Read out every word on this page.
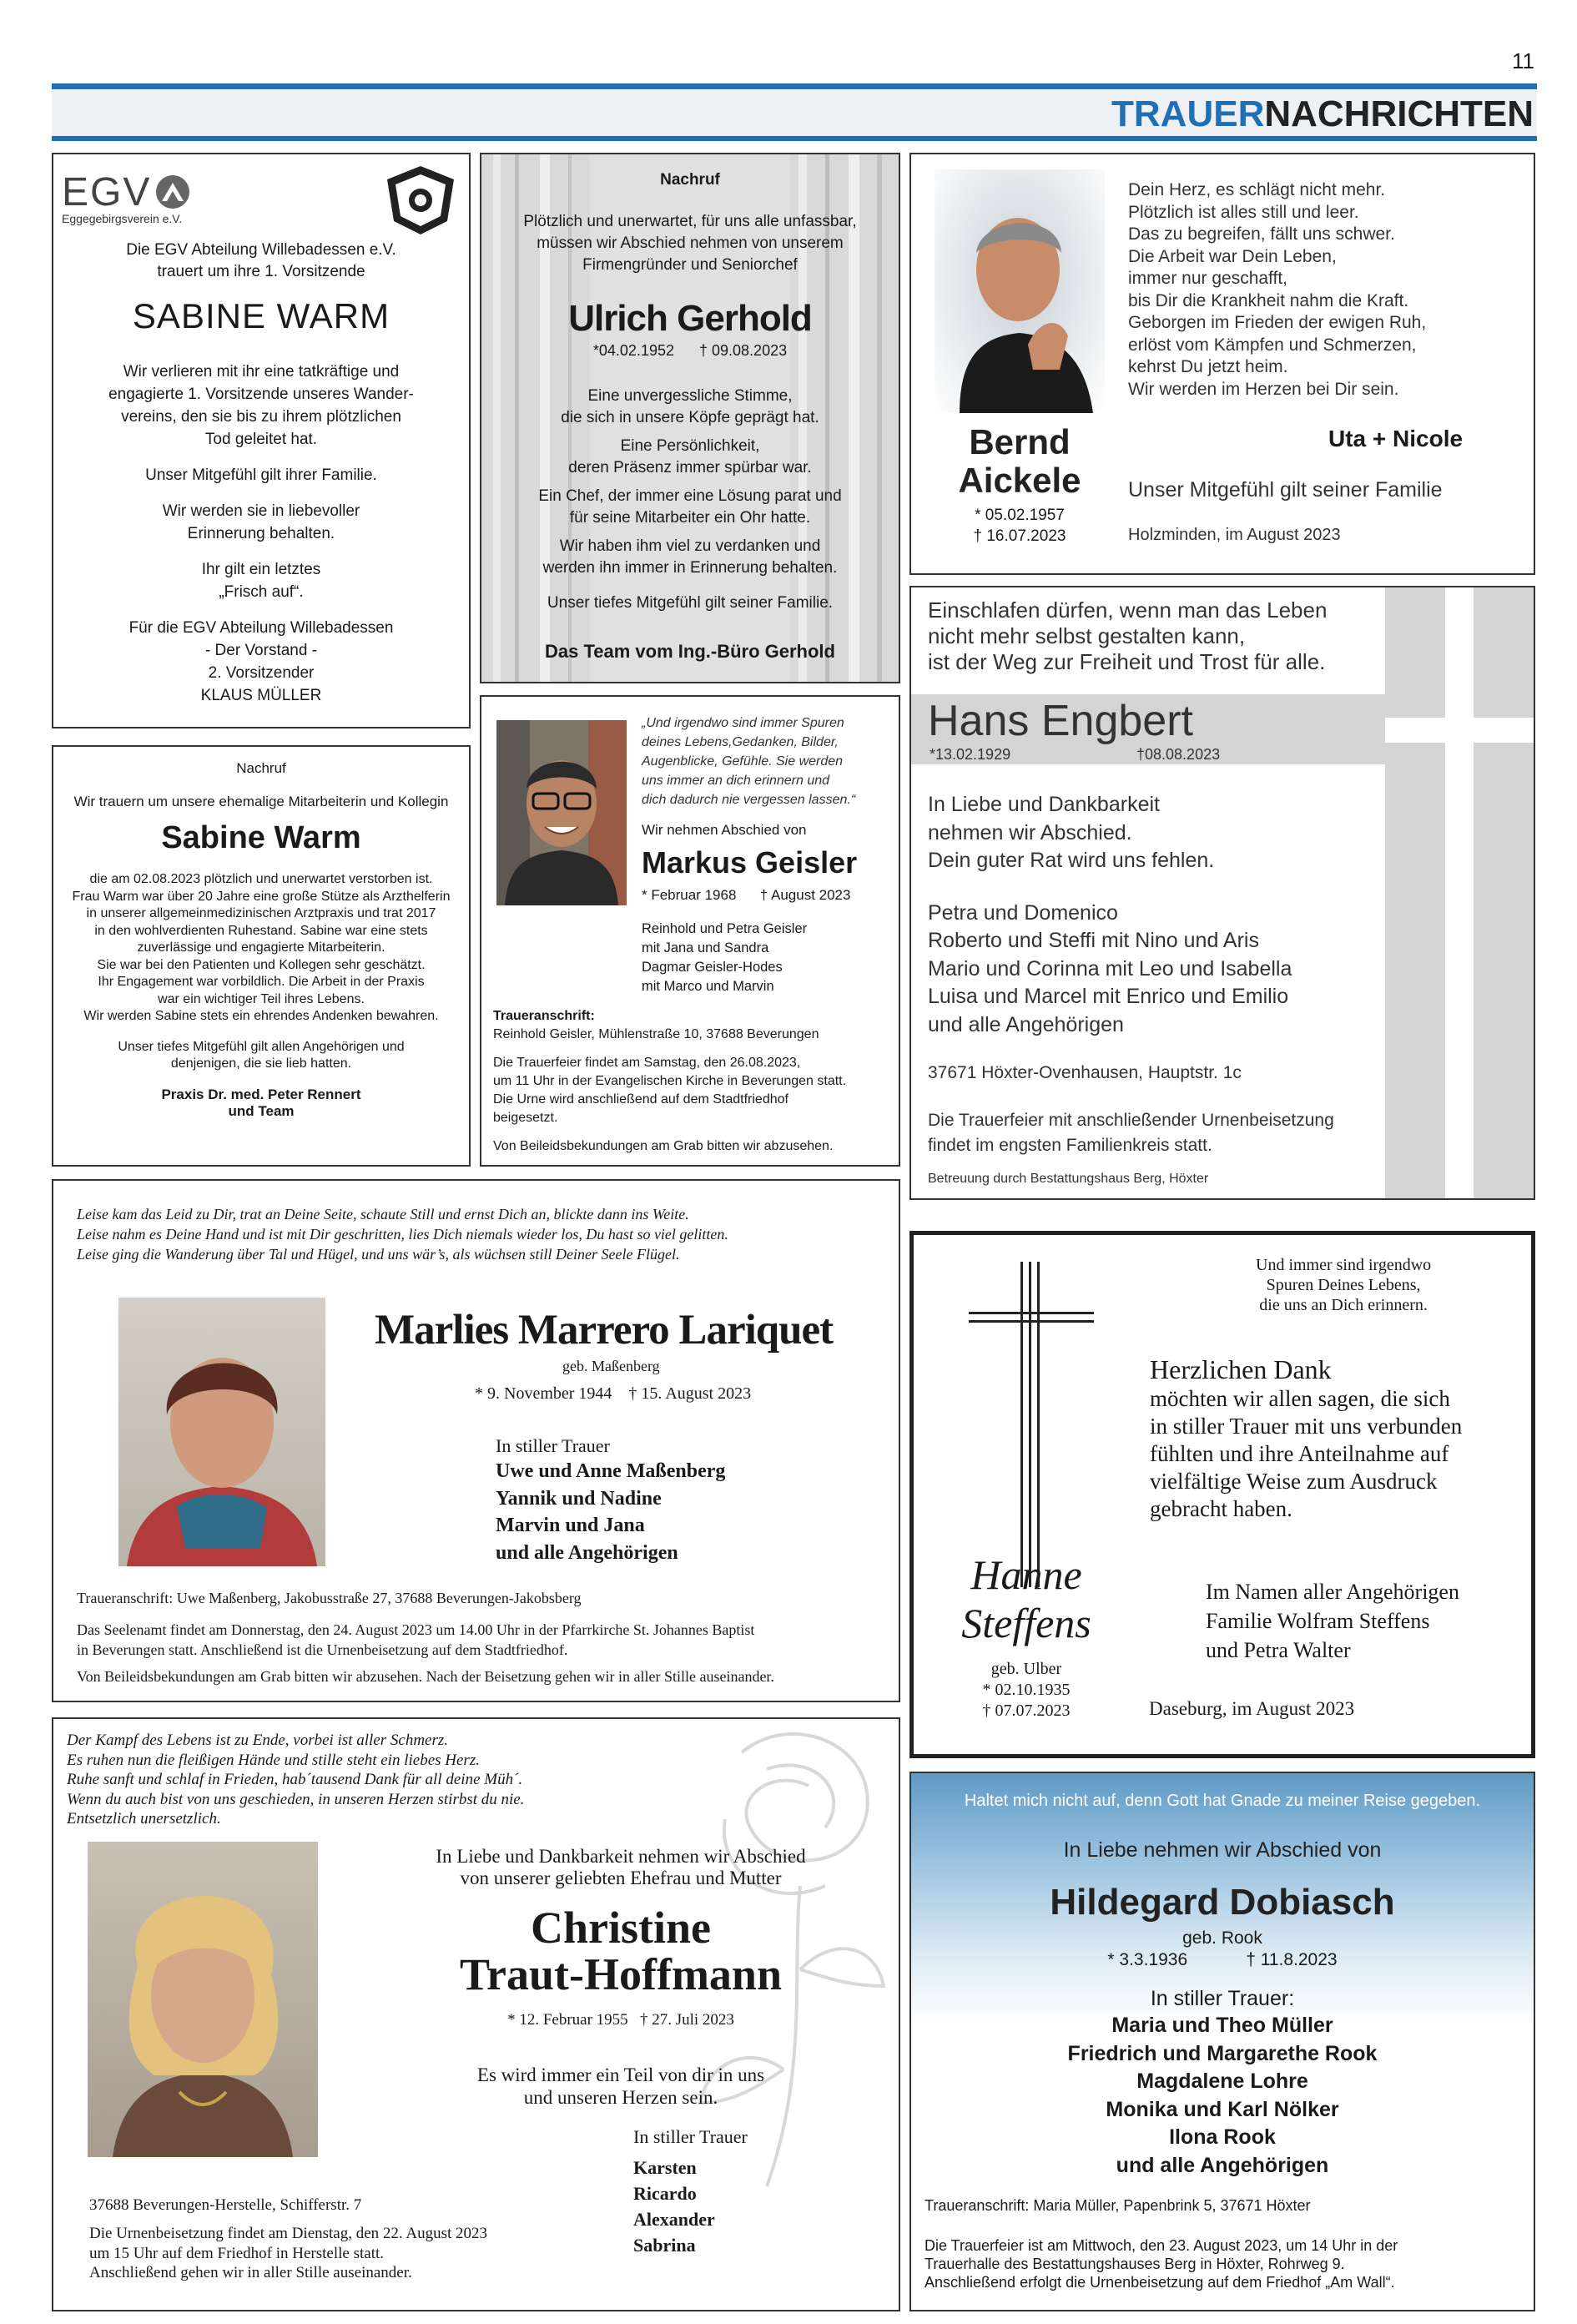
11
TRAUERNACHRICHTEN
EGV
Eggegebirgsverein e.V.
Die EGV Abteilung Willebadessen e.V.
trauert um ihre 1. Vorsitzende
SABINE WARM
Wir verlieren mit ihr eine tatkräftige und
engagierte 1. Vorsitzende unseres Wander-
vereins, den sie bis zu ihrem plötzlichen
Tod geleitet hat.
Unser Mitgefühl gilt ihrer Familie.
Wir werden sie in liebevoller
Erinnerung behalten.
Ihr gilt ein letztes
„Frisch auf“.
Für die EGV Abteilung Willebadessen
- Der Vorstand -
2. Vorsitzender
KLAUS MÜLLER
Nachruf
Plötzlich und unerwartet, für uns alle unfassbar,
müssen wir Abschied nehmen von unserem
Firmengründer und Seniorchef
Ulrich Gerhold
*04.02.1952 † 09.08.2023
Eine unvergessliche Stimme,
die sich in unsere Köpfe geprägt hat.
Eine Persönlichkeit,
deren Präsenz immer spürbar war.
Ein Chef, der immer eine Lösung parat und
für seine Mitarbeiter ein Ohr hatte.
Wir haben ihm viel zu verdanken und
werden ihn immer in Erinnerung behalten.
Unser tiefes Mitgefühl gilt seiner Familie.
Das Team vom Ing.-Büro Gerhold
Bernd
Aickele
* 05.02.1957
† 16.07.2023
Dein Herz, es schlägt nicht mehr.
Plötzlich ist alles still und leer.
Das zu begreifen, fällt uns schwer.
Die Arbeit war Dein Leben,
immer nur geschafft,
bis Dir die Krankheit nahm die Kraft.
Geborgen im Frieden der ewigen Ruh,
erlöst vom Kämpfen und Schmerzen,
kehrst Du jetzt heim.
Wir werden im Herzen bei Dir sein.
Uta + Nicole
Unser Mitgefühl gilt seiner Familie
Holzminden, im August 2023
Nachruf
Wir trauern um unsere ehemalige Mitarbeiterin und Kollegin
Sabine Warm
die am 02.08.2023 plötzlich und unerwartet verstorben ist.
Frau Warm war über 20 Jahre eine große Stütze als Arzthelferin
in unserer allgemeinmedizinischen Arztpraxis und trat 2017
in den wohlverdienten Ruhestand. Sabine war eine stets
zuverlässige und engagierte Mitarbeiterin.
Sie war bei den Patienten und Kollegen sehr geschätzt.
Ihr Engagement war vorbildlich. Die Arbeit in der Praxis
war ein wichtiger Teil ihres Lebens.
Wir werden Sabine stets ein ehrendes Andenken bewahren.
Unser tiefes Mitgefühl gilt allen Angehörigen und
denjenigen, die sie lieb hatten.
Praxis Dr. med. Peter Rennert
und Team
„Und irgendwo sind immer Spuren
deines Lebens,Gedanken, Bilder,
Augenblicke, Gefühle. Sie werden
uns immer an dich erinnern und
dich dadurch nie vergessen lassen.“
Wir nehmen Abschied von
Markus Geisler
* Februar 1968 † August 2023
Reinhold und Petra Geisler
mit Jana und Sandra
Dagmar Geisler-Hodes
mit Marco und Marvin
Traueranschrift:
Reinhold Geisler, Mühlenstraße 10, 37688 Beverungen
Die Trauerfeier findet am Samstag, den 26.08.2023,
um 11 Uhr in der Evangelischen Kirche in Beverungen statt.
Die Urne wird anschließend auf dem Stadtfriedhof
beigesetzt.
Von Beileidsbekundungen am Grab bitten wir abzusehen.
Einschlafen dürfen, wenn man das Leben
nicht mehr selbst gestalten kann,
ist der Weg zur Freiheit und Trost für alle.
Hans Engbert
*13.02.1929	†08.08.2023
In Liebe und Dankbarkeit
nehmen wir Abschied.
Dein guter Rat wird uns fehlen.
Petra und Domenico
Roberto und Steffi mit Nino und Aris
Mario und Corinna mit Leo und Isabella
Luisa und Marcel mit Enrico und Emilio
und alle Angehörigen
37671 Höxter-Ovenhausen, Hauptstr. 1c
Die Trauerfeier mit anschließender Urnenbeisetzung
findet im engsten Familienkreis statt.
Betreuung durch Bestattungshaus Berg, Höxter
Leise kam das Leid zu Dir, trat an Deine Seite, schaute Still und ernst Dich an, blickte dann ins Weite.
Leise nahm es Deine Hand und ist mit Dir geschritten, lies Dich niemals wieder los, Du hast so viel gelitten.
Leise ging die Wanderung über Tal und Hügel, und uns wär’s, als wüchsen still Deiner Seele Flügel.
Marlies Marrero Lariquet
geb. Maßenberg
* 9. November 1944 † 15. August 2023
In stiller Trauer
Uwe und Anne Maßenberg
Yannik und Nadine
Marvin und Jana
und alle Angehörigen
Traueranschrift: Uwe Maßenberg, Jakobusstraße 27, 37688 Beverungen-Jakobsberg
Das Seelenamt findet am Donnerstag, den 24. August 2023 um 14.00 Uhr in der Pfarrkirche St. Johannes Baptist
in Beverungen statt. Anschließend ist die Urnenbeisetzung auf dem Stadtfriedhof.
Von Beileidsbekundungen am Grab bitten wir abzusehen. Nach der Beisetzung gehen wir in aller Stille auseinander.
Und immer sind irgendwo
Spuren Deines Lebens,
die uns an Dich erinnern.
Herzlichen Dank
möchten wir allen sagen, die sich
in stiller Trauer mit uns verbunden
fühlten und ihre Anteilnahme auf
vielfältige Weise zum Ausdruck
gebracht haben.
Hanne
Steffens
geb. Ulber
* 02.10.1935
† 07.07.2023
Im Namen aller Angehörigen
Familie Wolfram Steffens
und Petra Walter
Daseburg, im August 2023
Der Kampf des Lebens ist zu Ende, vorbei ist aller Schmerz.
Es ruhen nun die fleißigen Hände und stille steht ein liebes Herz.
Ruhe sanft und schlaf in Frieden, hab´tausend Dank für all deine Müh´.
Wenn du auch bist von uns geschieden, in unseren Herzen stirbst du nie.
Entsetzlich unersetzlich.
In Liebe und Dankbarkeit nehmen wir Abschied
von unserer geliebten Ehefrau und Mutter
Christine
Traut-Hoffmann
* 12. Februar 1955 † 27. Juli 2023
Es wird immer ein Teil von dir in uns
und unseren Herzen sein.
In stiller Trauer
Karsten
Ricardo
Alexander
Sabrina
37688 Beverungen-Herstelle, Schifferstr. 7
Die Urnenbeisetzung findet am Dienstag, den 22. August 2023
um 15 Uhr auf dem Friedhof in Herstelle statt.
Anschließend gehen wir in aller Stille auseinander.
Haltet mich nicht auf, denn Gott hat Gnade zu meiner Reise gegeben.
In Liebe nehmen wir Abschied von
Hildegard Dobiasch
geb. Rook
* 3.3.1936	† 11.8.2023
In stiller Trauer:
Maria und Theo Müller
Friedrich und Margarethe Rook
Magdalene Lohre
Monika und Karl Nölker
Ilona Rook
und alle Angehörigen
Traueranschrift: Maria Müller, Papenbrink 5, 37671 Höxter
Die Trauerfeier ist am Mittwoch, den 23. August 2023, um 14 Uhr in der
Trauerhalle des Bestattungshauses Berg in Höxter, Rohrweg 9.
Anschließend erfolgt die Urnenbeisetzung auf dem Friedhof „Am Wall“.
